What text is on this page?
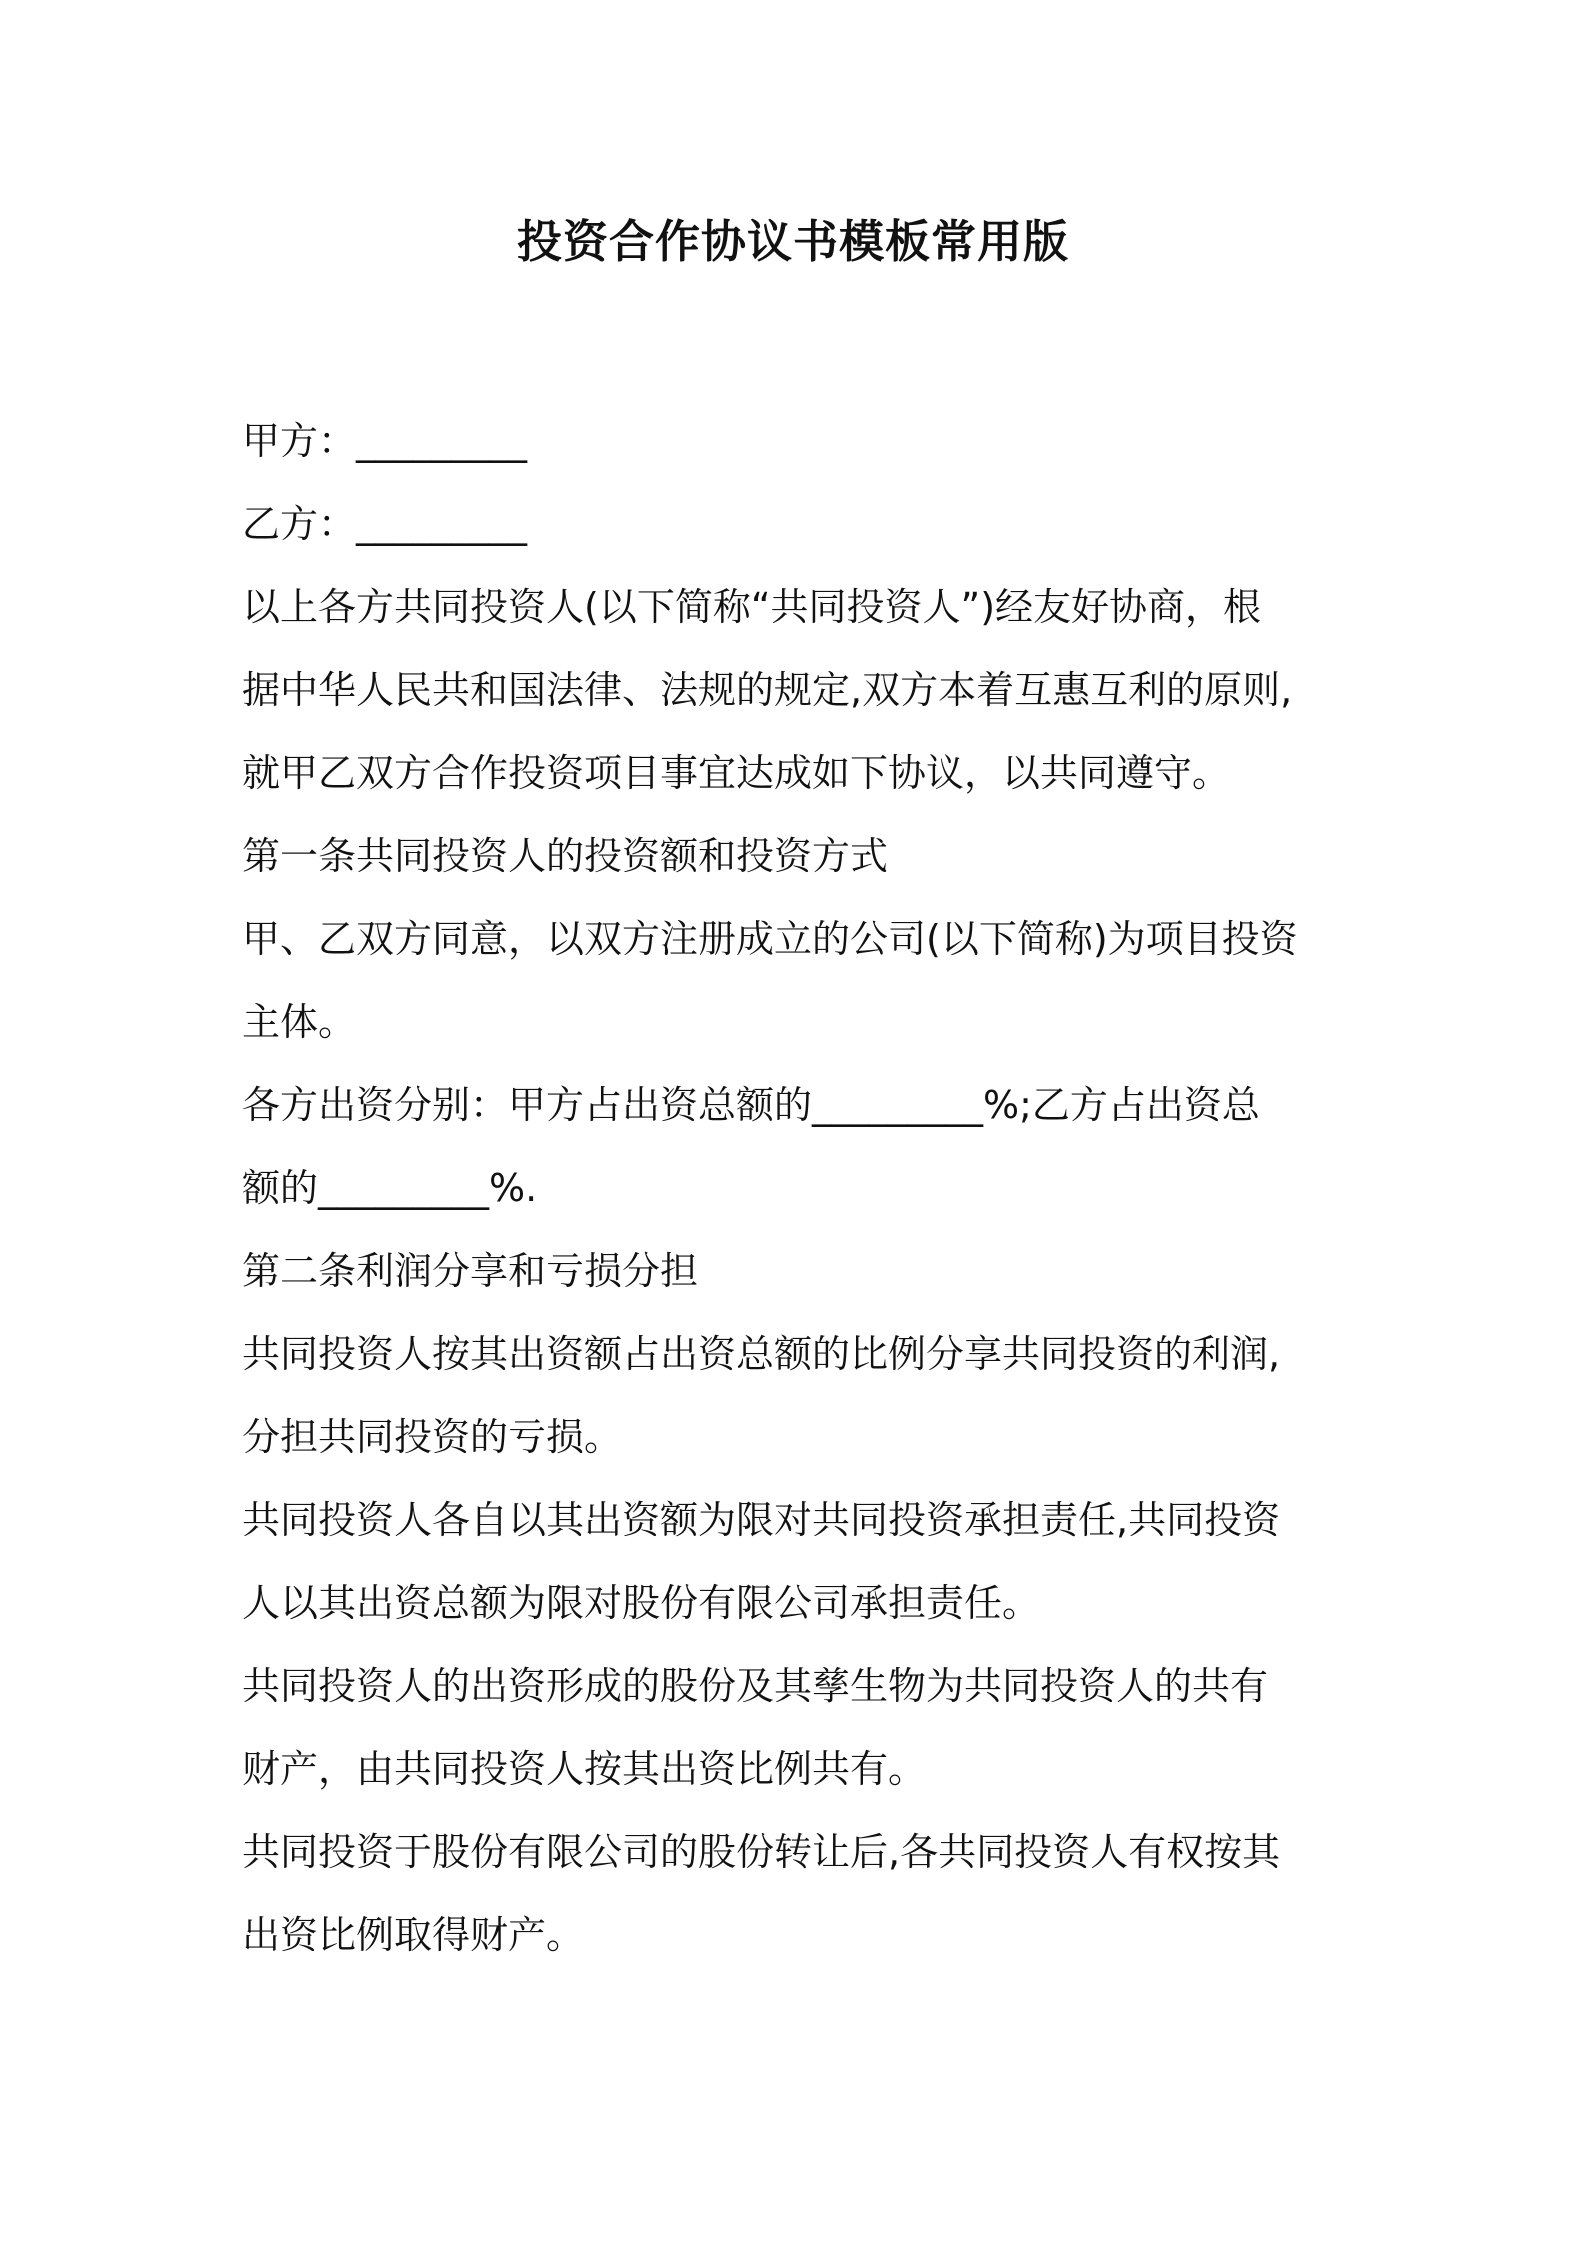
投资合作协议书模板常用版
甲方：_________
乙方：_________
以上各方共同投资人(以下简称“共同投资人”)经友好协商，根
据中华人民共和国法律、法规的规定,双方本着互惠互利的原则,
就甲乙双方合作投资项目事宜达成如下协议，以共同遵守。
第一条共同投资人的投资额和投资方式
甲、乙双方同意，以双方注册成立的公司(以下简称)为项目投资
主体。
各方出资分别：甲方占出资总额的_________%;乙方占出资总
额的_________%.
第二条利润分享和亏损分担
共同投资人按其出资额占出资总额的比例分享共同投资的利润,
分担共同投资的亏损。
共同投资人各自以其出资额为限对共同投资承担责任,共同投资
人以其出资总额为限对股份有限公司承担责任。
共同投资人的出资形成的股份及其孳生物为共同投资人的共有
财产，由共同投资人按其出资比例共有。
共同投资于股份有限公司的股份转让后,各共同投资人有权按其
出资比例取得财产。
